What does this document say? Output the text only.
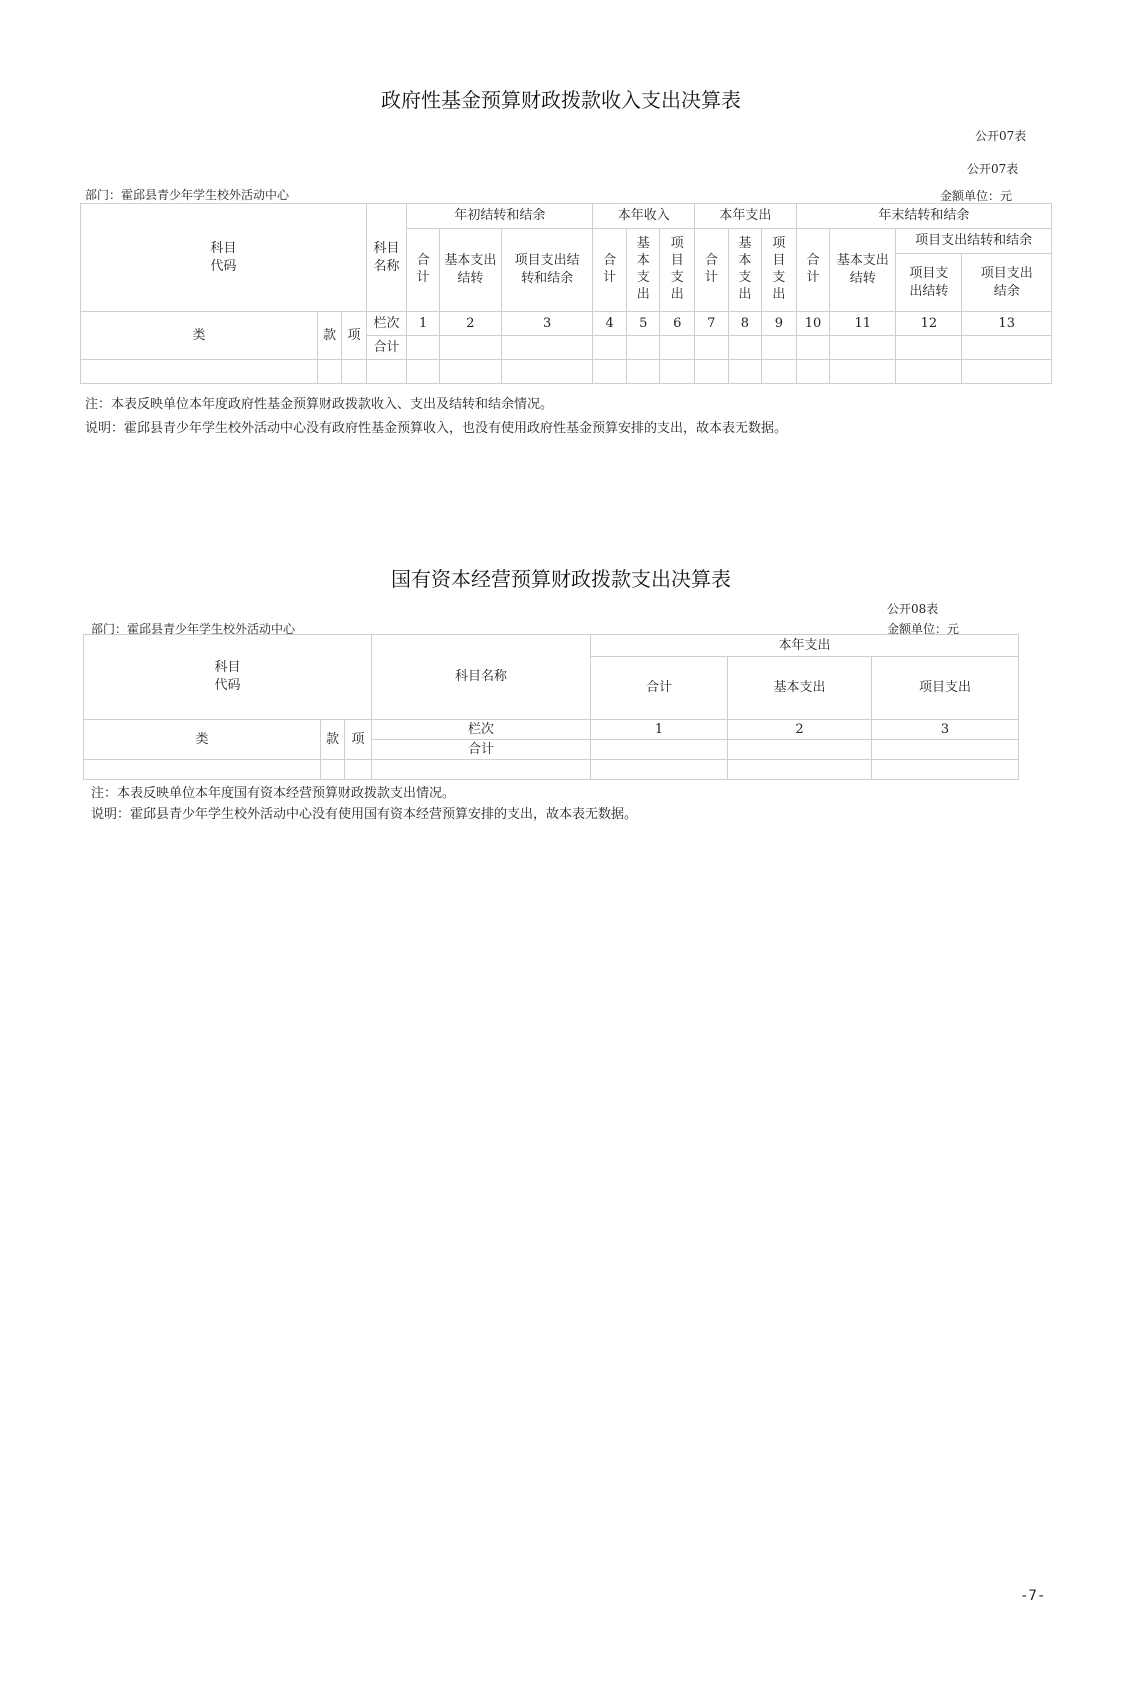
政府性基金预算财政拨款收入支出决算表
公开07表
公开07表
部门：霍邱县青少年学生校外活动中心	金额单位：元
科目代码			科目名称	年初结转和结余			本年收入			本年支出			年末结转和结余			

				合计	基本支出结转	项目支出结转和结余	合计	基本支出	项目支出	合计	基本支出	项目支出	合计	基本支出结转	项目支出结转和结余	

															项目支出结转	项目支出结余

类	款	项	栏次	1	2	3	4	5	6	7	8	9	10	11	12	13
			合计													

注：本表反映单位本年度政府性基金预算财政拨款收入、支出及结转和结余情况。
说明：霍邱县青少年学生校外活动中心没有政府性基金预算收入，也没有使用政府性基金预算安排的支出，故本表无数据。
国有资本经营预算财政拨款支出决算表
公开08表
部门：霍邱县青少年学生校外活动中心	金额单位：元
科目代码			科目名称	本年支出		
				合计	基本支出	项目支出
类	款	项	栏次	1	2	3
			合计			

注：本表反映单位本年度国有资本经营预算财政拨款支出情况。
说明：霍邱县青少年学生校外活动中心没有使用国有资本经营预算安排的支出，故本表无数据。
-7-
